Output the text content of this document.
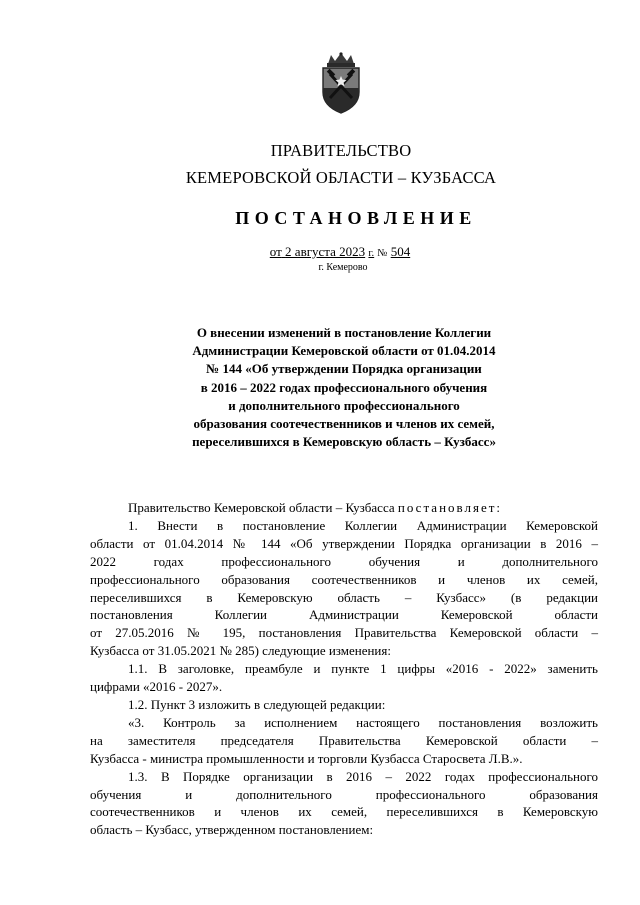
ПРАВИТЕЛЬСТВО
КЕМЕРОВСКОЙ ОБЛАСТИ – КУЗБАССА
ПОСТАНОВЛЕНИЕ
от 2 августа 2023 г. № 504
г. Кемерово
О внесении изменений в постановление Коллегии
Администрации Кемеровской области от 01.04.2014
№ 144 «Об утверждении Порядка организации
в 2016 – 2022 годах профессионального обучения
и дополнительного профессионального
образования соотечественников и членов их семей,
переселившихся в Кемеровскую область – Кузбасс»
Правительство Кемеровской области – Кузбасса постановляет:
1. Внести в постановление Коллегии Администрации Кемеровской
области от 01.04.2014 № 144 «Об утверждении Порядка организации в 2016 –
2022 годах профессионального обучения и дополнительного
профессионального образования соотечественников и членов их семей,
переселившихся в Кемеровскую область – Кузбасс» (в редакции
постановления Коллегии Администрации Кемеровской области
от 27.05.2016 № 195, постановления Правительства Кемеровской области –
Кузбасса от 31.05.2021 № 285) следующие изменения:
1.1. В заголовке, преамбуле и пункте 1 цифры «2016 - 2022» заменить
цифрами «2016 - 2027».
1.2. Пункт 3 изложить в следующей редакции:
«3. Контроль за исполнением настоящего постановления возложить
на заместителя председателя Правительства Кемеровской области –
Кузбасса - министра промышленности и торговли Кузбасса Старосвета Л.В.».
1.3. В Порядке организации в 2016 – 2022 годах профессионального
обучения и дополнительного профессионального образования
соотечественников и членов их семей, переселившихся в Кемеровскую
область – Кузбасс, утвержденном постановлением:
